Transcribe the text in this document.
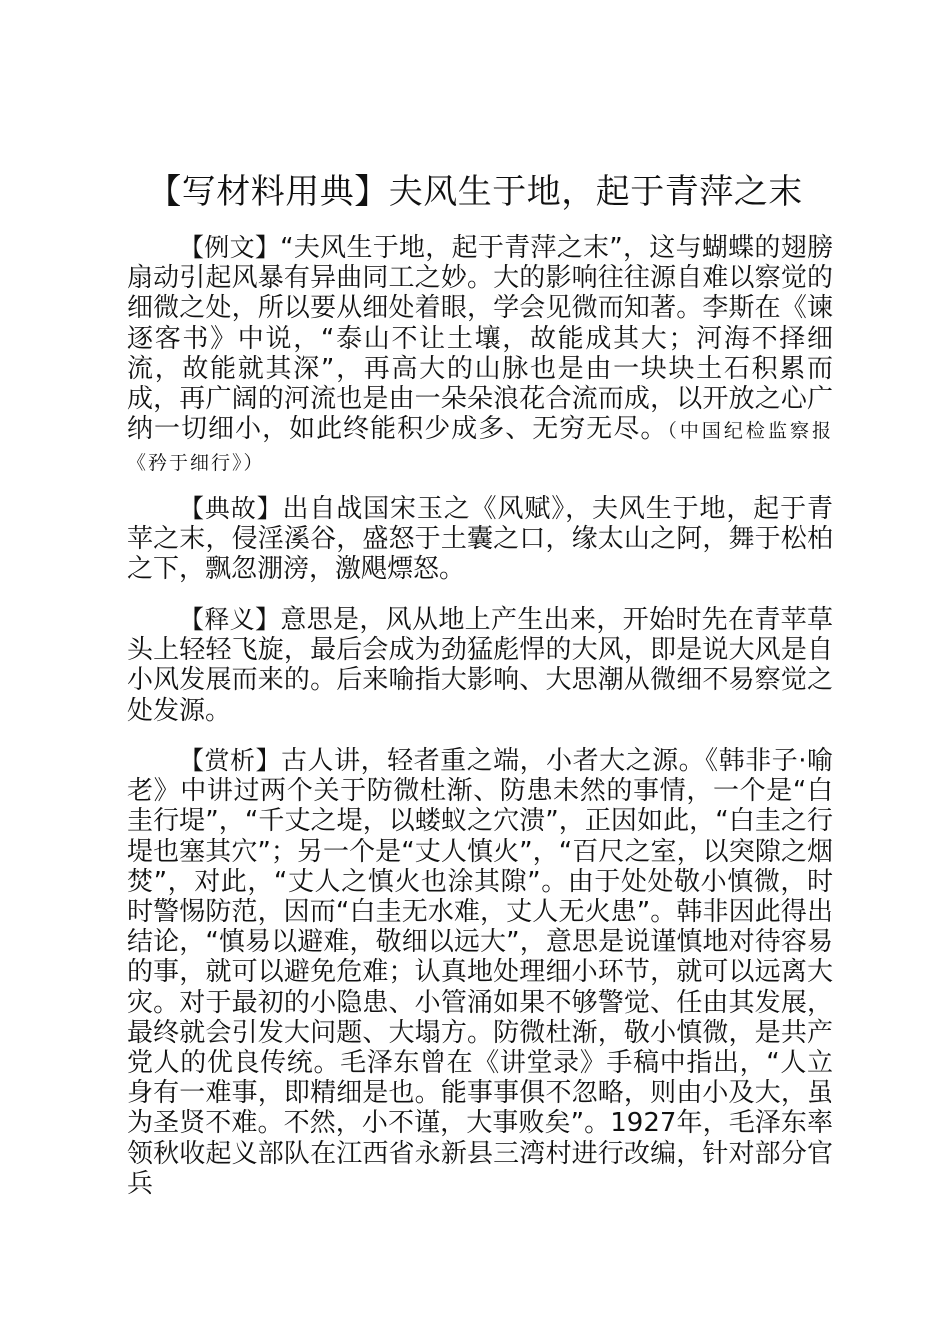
【写材料用典】夫风生于地，起于青萍之末
【例文】“夫风生于地，起于青萍之末”，这与蝴蝶的翅膀扇动引起风暴有异曲同工之妙。大的影响往往源自难以察觉的细微之处，所以要从细处着眼，学会见微而知著。李斯在《谏逐客书》中说，“泰山不让土壤，故能成其大；河海不择细流，故能就其深”，再高大的山脉也是由一块块土石积累而成，再广阔的河流也是由一朵朵浪花合流而成，以开放之心广纳一切细小，如此终能积少成多、无穷无尽。（中国纪检监察报《矜于细行》）
【典故】出自战国宋玉之《风赋》，夫风生于地，起于青苹之末，侵淫溪谷，盛怒于土囊之口，缘太山之阿，舞于松柏之下，飘忽淜滂，激飓熛怒。
【释义】意思是，风从地上产生出来，开始时先在青苹草头上轻轻飞旋，最后会成为劲猛彪悍的大风，即是说大风是自小风发展而来的。后来喻指大影响、大思潮从微细不易察觉之处发源。
【赏析】古人讲，轻者重之端，小者大之源。《韩非子·喻老》中讲过两个关于防微杜渐、防患未然的事情，一个是“白圭行堤”，“千丈之堤，以蝼蚁之穴溃”，正因如此，“白圭之行堤也塞其穴”；另一个是“丈人慎火”，“百尺之室，以突隙之烟焚”，对此，“丈人之慎火也涂其隙”。由于处处敬小慎微，时时警惕防范，因而“白圭无水难，丈人无火患”。韩非因此得出结论，“慎易以避难，敬细以远大”，意思是说谨慎地对待容易的事，就可以避免危难；认真地处理细小环节，就可以远离大灾。对于最初的小隐患、小管涌如果不够警觉、任由其发展，最终就会引发大问题、大塌方。防微杜渐，敬小慎微，是共产党人的优良传统。毛泽东曾在《讲堂录》手稿中指出，“人立身有一难事，即精细是也。能事事俱不忽略，则由小及大，虽为圣贤不难。不然，小不谨，大事败矣”。1927年，毛泽东率领秋收起义部队在江西省永新县三湾村进行改编，针对部分官兵
